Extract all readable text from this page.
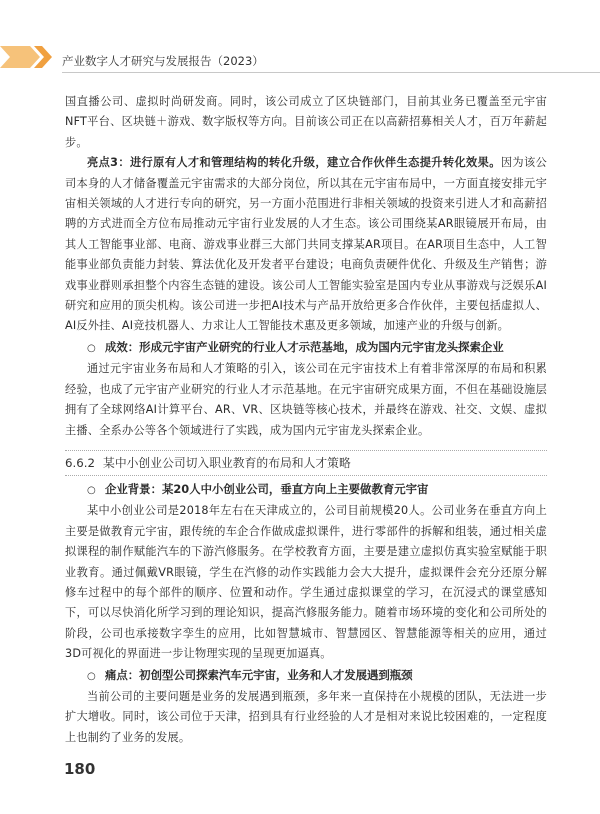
产业数字人才研究与发展报告（2023）

国直播公司、虚拟时尚研发商。同时，该公司成立了区块链部门，目前其业务已覆盖至元宇宙NFT平台、区块链＋游戏、数字版权等方向。目前该公司正在以高薪招募相关人才，百万年薪起步。

亮点3：进行原有人才和管理结构的转化升级，建立合作伙伴生态提升转化效果。因为该公司本身的人才储备覆盖元宇宙需求的大部分岗位，所以其在元宇宙布局中，一方面直接安排元宇宙相关领域的人才进行专向的研究，另一方面小范围进行非相关领域的投资来引进人才和高薪招聘的方式进而全方位布局推动元宇宙行业发展的人才生态。该公司围绕某AR眼镜展开布局，由其人工智能事业部、电商、游戏事业群三大部门共同支撑某AR项目。在AR项目生态中，人工智能事业部负责能力封装、算法优化及开发者平台建设；电商负责硬件优化、升级及生产销售；游戏事业群则承担整个内容生态链的建设。该公司人工智能实验室是国内专业从事游戏与泛娱乐AI研究和应用的顶尖机构。该公司进一步把AI技术与产品开放给更多合作伙伴，主要包括虚拟人、AI反外挂、AI竞技机器人、力求让人工智能技术惠及更多领域，加速产业的升级与创新。

○ 成效：形成元宇宙产业研究的行业人才示范基地，成为国内元宇宙龙头探索企业

通过元宇宙业务布局和人才策略的引入，该公司在元宇宙技术上有着非常深厚的布局和积累经验，也成了元宇宙产业研究的行业人才示范基地。在元宇宙研究成果方面，不但在基础设施层拥有了全球网络AI计算平台、AR、VR、区块链等核心技术，并最终在游戏、社交、文娱、虚拟主播、全系办公等各个领域进行了实践，成为国内元宇宙龙头探索企业。

6.6.2 某中小创业公司切入职业教育的布局和人才策略

○ 企业背景：某20人中小创业公司，垂直方向上主要做教育元宇宙

某中小创业公司是2018年左右在天津成立的，公司目前规模20人。公司业务在垂直方向上主要是做教育元宇宙，跟传统的车企合作做成虚拟课件，进行零部件的拆解和组装，通过相关虚拟课程的制作赋能汽车的下游汽修服务。在学校教育方面，主要是建立虚拟仿真实验室赋能于职业教育。通过佩戴VR眼镜，学生在汽修的动作实践能力会大大提升，虚拟课件会充分还原分解修车过程中的每个部件的顺序、位置和动作。学生通过虚拟课堂的学习，在沉浸式的课堂感知下，可以尽快消化所学习到的理论知识，提高汽修服务能力。随着市场环境的变化和公司所处的阶段，公司也承接数字孪生的应用，比如智慧城市、智慧园区、智慧能源等相关的应用，通过3D可视化的界面进一步让物理实现的呈现更加逼真。

○ 痛点：初创型公司探索汽车元宇宙，业务和人才发展遇到瓶颈

当前公司的主要问题是业务的发展遇到瓶颈，多年来一直保持在小规模的团队，无法进一步扩大增收。同时，该公司位于天津，招到具有行业经验的人才是相对来说比较困难的，一定程度上也制约了业务的发展。

180
